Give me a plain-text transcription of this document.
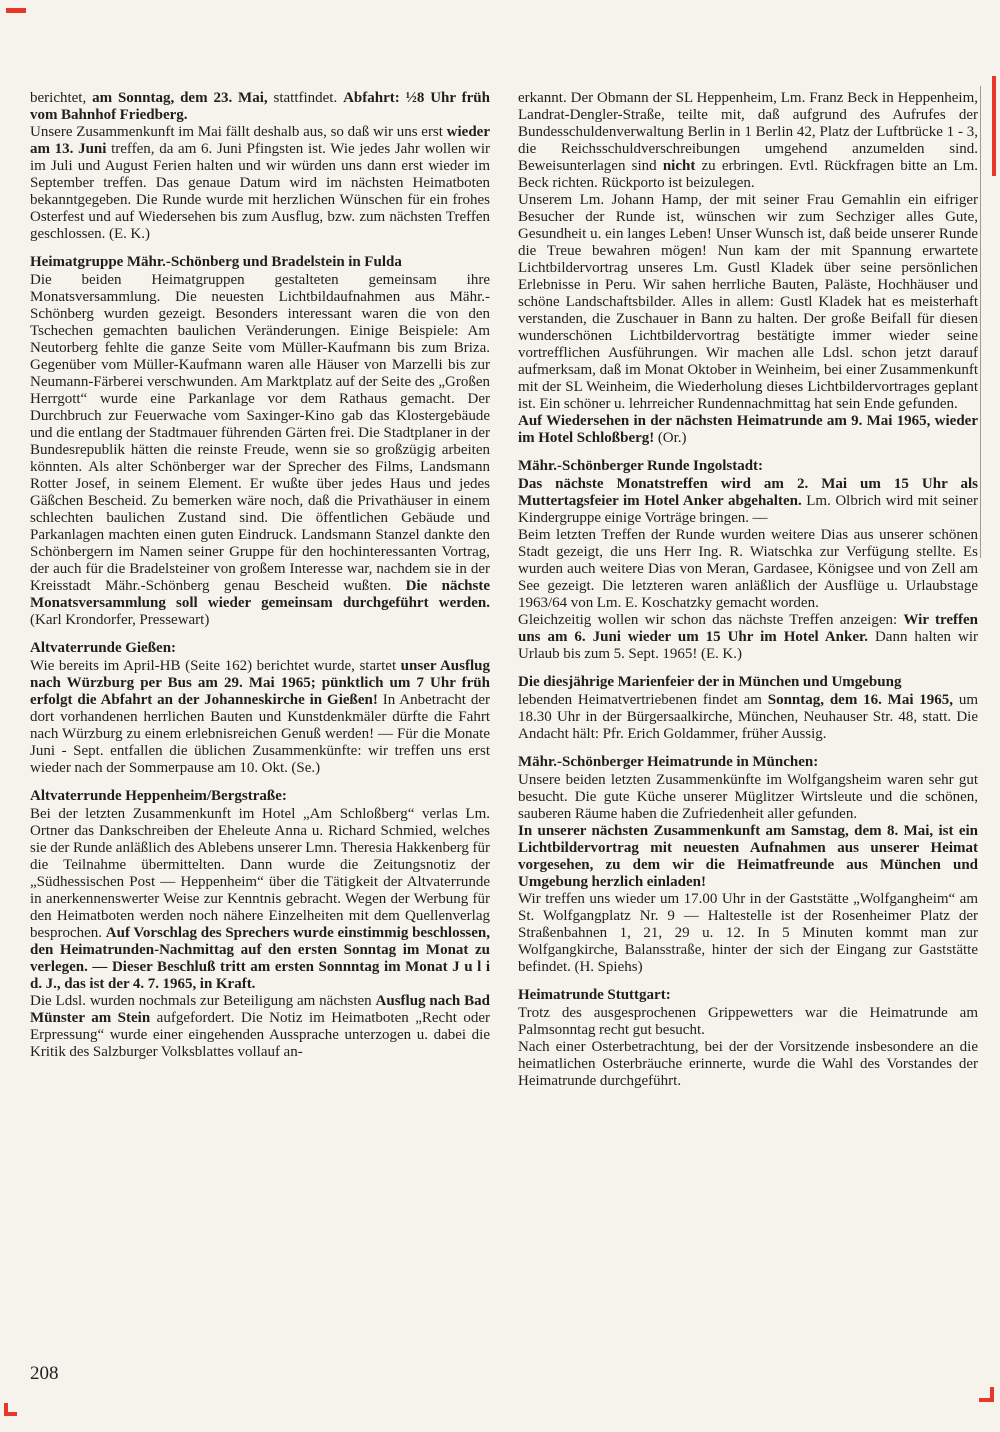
berichtet, am Sonntag, dem 23. Mai, stattfindet. Abfahrt: ½8 Uhr früh vom Bahnhof Friedberg.

Unsere Zusammenkunft im Mai fällt deshalb aus, so daß wir uns erst wieder am 13. Juni treffen, da am 6. Juni Pfingsten ist. Wie jedes Jahr wollen wir im Juli und August Ferien halten und wir würden uns dann erst wieder im September treffen. Das genaue Datum wird im nächsten Heimatboten bekanntgegeben. Die Runde wurde mit herzlichen Wünschen für ein frohes Osterfest und auf Wiedersehen bis zum Ausflug, bzw. zum nächsten Treffen geschlossen. (E. K.)

Heimatgruppe Mähr.-Schönberg und Bradelstein in Fulda

Die beiden Heimatgruppen gestalteten gemeinsam ihre Monatsversammlung. Die neuesten Lichtbildaufnahmen aus Mähr.-Schönberg wurden gezeigt. Besonders interessant waren die von den Tschechen gemachten baulichen Veränderungen. Einige Beispiele: Am Neutorberg fehlte die ganze Seite vom Müller-Kaufmann bis zum Briza. Gegenüber vom Müller-Kaufmann waren alle Häuser von Marzelli bis zur Neumann-Färberei verschwunden. Am Marktplatz auf der Seite des „Großen Herrgott“ wurde eine Parkanlage vor dem Rathaus gemacht. Der Durchbruch zur Feuerwache vom Saxinger-Kino gab das Klostergebäude und die entlang der Stadtmauer führenden Gärten frei. Die Stadtplaner in der Bundesrepublik hätten die reinste Freude, wenn sie so großzügig arbeiten könnten. Als alter Schönberger war der Sprecher des Films, Landsmann Rotter Josef, in seinem Element. Er wußte über jedes Haus und jedes Gäßchen Bescheid. Zu bemerken wäre noch, daß die Privathäuser in einem schlechten baulichen Zustand sind. Die öffentlichen Gebäude und Parkanlagen machten einen guten Eindruck. Landsmann Stanzel dankte den Schönbergern im Namen seiner Gruppe für den hochinteressanten Vortrag, der auch für die Bradelsteiner von großem Interesse war, nachdem sie in der Kreisstadt Mähr.-Schönberg genau Bescheid wußten. Die nächste Monatsversammlung soll wieder gemeinsam durchgeführt werden. (Karl Krondorfer, Pressewart)

Altvaterrunde Gießen:

Wie bereits im April-HB (Seite 162) berichtet wurde, startet unser Ausflug nach Würzburg per Bus am 29. Mai 1965; pünktlich um 7 Uhr früh erfolgt die Abfahrt an der Johanneskirche in Gießen! In Anbetracht der dort vorhandenen herrlichen Bauten und Kunstdenkmäler dürfte die Fahrt nach Würzburg zu einem erlebnisreichen Genuß werden! — Für die Monate Juni - Sept. entfallen die üblichen Zusammenkünfte: wir treffen uns erst wieder nach der Sommerpause am 10. Okt. (Se.)

Altvaterrunde Heppenheim/Bergstraße:

Bei der letzten Zusammenkunft im Hotel „Am Schloßberg“ verlas Lm. Ortner das Dankschreiben der Eheleute Anna u. Richard Schmied, welches sie der Runde anläßlich des Ablebens unserer Lmn. Theresia Hakkenberg für die Teilnahme übermittelten. Dann wurde die Zeitungsnotiz der „Südhessischen Post — Heppenheim“ über die Tätigkeit der Altvaterrunde in anerkennenswerter Weise zur Kenntnis gebracht. Wegen der Werbung für den Heimatboten werden noch nähere Einzelheiten mit dem Quellenverlag besprochen. Auf Vorschlag des Sprechers wurde einstimmig beschlossen, den Heimatrunden-Nachmittag auf den ersten Sonntag im Monat zu verlegen. — Dieser Beschluß tritt am ersten Sonnntag im Monat J u l i d. J., das ist der 4. 7. 1965, in Kraft.

Die Ldsl. wurden nochmals zur Beteiligung am nächsten Ausflug nach Bad Münster am Stein aufgefordert. Die Notiz im Heimatboten „Recht oder Erpressung“ wurde einer eingehenden Aussprache unterzogen u. dabei die Kritik des Salzburger Volksblattes vollauf an-

erkannt. Der Obmann der SL Heppenheim, Lm. Franz Beck in Heppenheim, Landrat-Dengler-Straße, teilte mit, daß aufgrund des Aufrufes der Bundesschuldenverwaltung Berlin in 1 Berlin 42, Platz der Luftbrücke 1 - 3, die Reichsschuldverschreibungen umgehend anzumelden sind. Beweisunterlagen sind nicht zu erbringen. Evtl. Rückfragen bitte an Lm. Beck richten. Rückporto ist beizulegen.

Unserem Lm. Johann Hamp, der mit seiner Frau Gemahlin ein eifriger Besucher der Runde ist, wünschen wir zum Sechziger alles Gute, Gesundheit u. ein langes Leben! Unser Wunsch ist, daß beide unserer Runde die Treue bewahren mögen! Nun kam der mit Spannung erwartete Lichtbildervortrag unseres Lm. Gustl Kladek über seine persönlichen Erlebnisse in Peru. Wir sahen herrliche Bauten, Paläste, Hochhäuser und schöne Landschaftsbilder. Alles in allem: Gustl Kladek hat es meisterhaft verstanden, die Zuschauer in Bann zu halten. Der große Beifall für diesen wunderschönen Lichtbildervortrag bestätigte immer wieder seine vortrefflichen Ausführungen. Wir machen alle Ldsl. schon jetzt darauf aufmerksam, daß im Monat Oktober in Weinheim, bei einer Zusammenkunft mit der SL Weinheim, die Wiederholung dieses Lichtbildervortrages geplant ist. Ein schöner u. lehrreicher Rundennachmittag hat sein Ende gefunden.

Auf Wiedersehen in der nächsten Heimatrunde am 9. Mai 1965, wieder im Hotel Schloßberg! (Or.)

Mähr.-Schönberger Runde Ingolstadt:

Das nächste Monatstreffen wird am 2. Mai um 15 Uhr als Muttertagsfeier im Hotel Anker abgehalten. Lm. Olbrich wird mit seiner Kindergruppe einige Vorträge bringen. —

Beim letzten Treffen der Runde wurden weitere Dias aus unserer schönen Stadt gezeigt, die uns Herr Ing. R. Wiatschka zur Verfügung stellte. Es wurden auch weitere Dias von Meran, Gardasee, Königsee und von Zell am See gezeigt. Die letzteren waren anläßlich der Ausflüge u. Urlaubstage 1963/64 von Lm. E. Koschatzky gemacht worden.

Gleichzeitig wollen wir schon das nächste Treffen anzeigen: Wir treffen uns am 6. Juni wieder um 15 Uhr im Hotel Anker. Dann halten wir Urlaub bis zum 5. Sept. 1965! (E. K.)

Die diesjährige Marienfeier der in München und Umgebung

lebenden Heimatvertriebenen findet am Sonntag, dem 16. Mai 1965, um 18.30 Uhr in der Bürgersaalkirche, München, Neuhauser Str. 48, statt. Die Andacht hält: Pfr. Erich Goldammer, früher Aussig.

Mähr.-Schönberger Heimatrunde in München:

Unsere beiden letzten Zusammenkünfte im Wolfgangsheim waren sehr gut besucht. Die gute Küche unserer Müglitzer Wirtsleute und die schönen, sauberen Räume haben die Zufriedenheit aller gefunden.

In unserer nächsten Zusammenkunft am Samstag, dem 8. Mai, ist ein Lichtbildervortrag mit neuesten Aufnahmen aus unserer Heimat vorgesehen, zu dem wir die Heimatfreunde aus München und Umgebung herzlich einladen!

Wir treffen uns wieder um 17.00 Uhr in der Gaststätte „Wolfgangheim“ am St. Wolfgangplatz Nr. 9 — Haltestelle ist der Rosenheimer Platz der Straßenbahnen 1, 21, 29 u. 12. In 5 Minuten kommt man zur Wolfgangkirche, Balansstraße, hinter der sich der Eingang zur Gaststätte befindet. (H. Spiehs)

Heimatrunde Stuttgart:

Trotz des ausgesprochenen Grippewetters war die Heimatrunde am Palmsonntag recht gut besucht.

Nach einer Osterbetrachtung, bei der der Vorsitzende insbesondere an die heimatlichen Osterbräuche erinnerte, wurde die Wahl des Vorstandes der Heimatrunde durchgeführt.

208
